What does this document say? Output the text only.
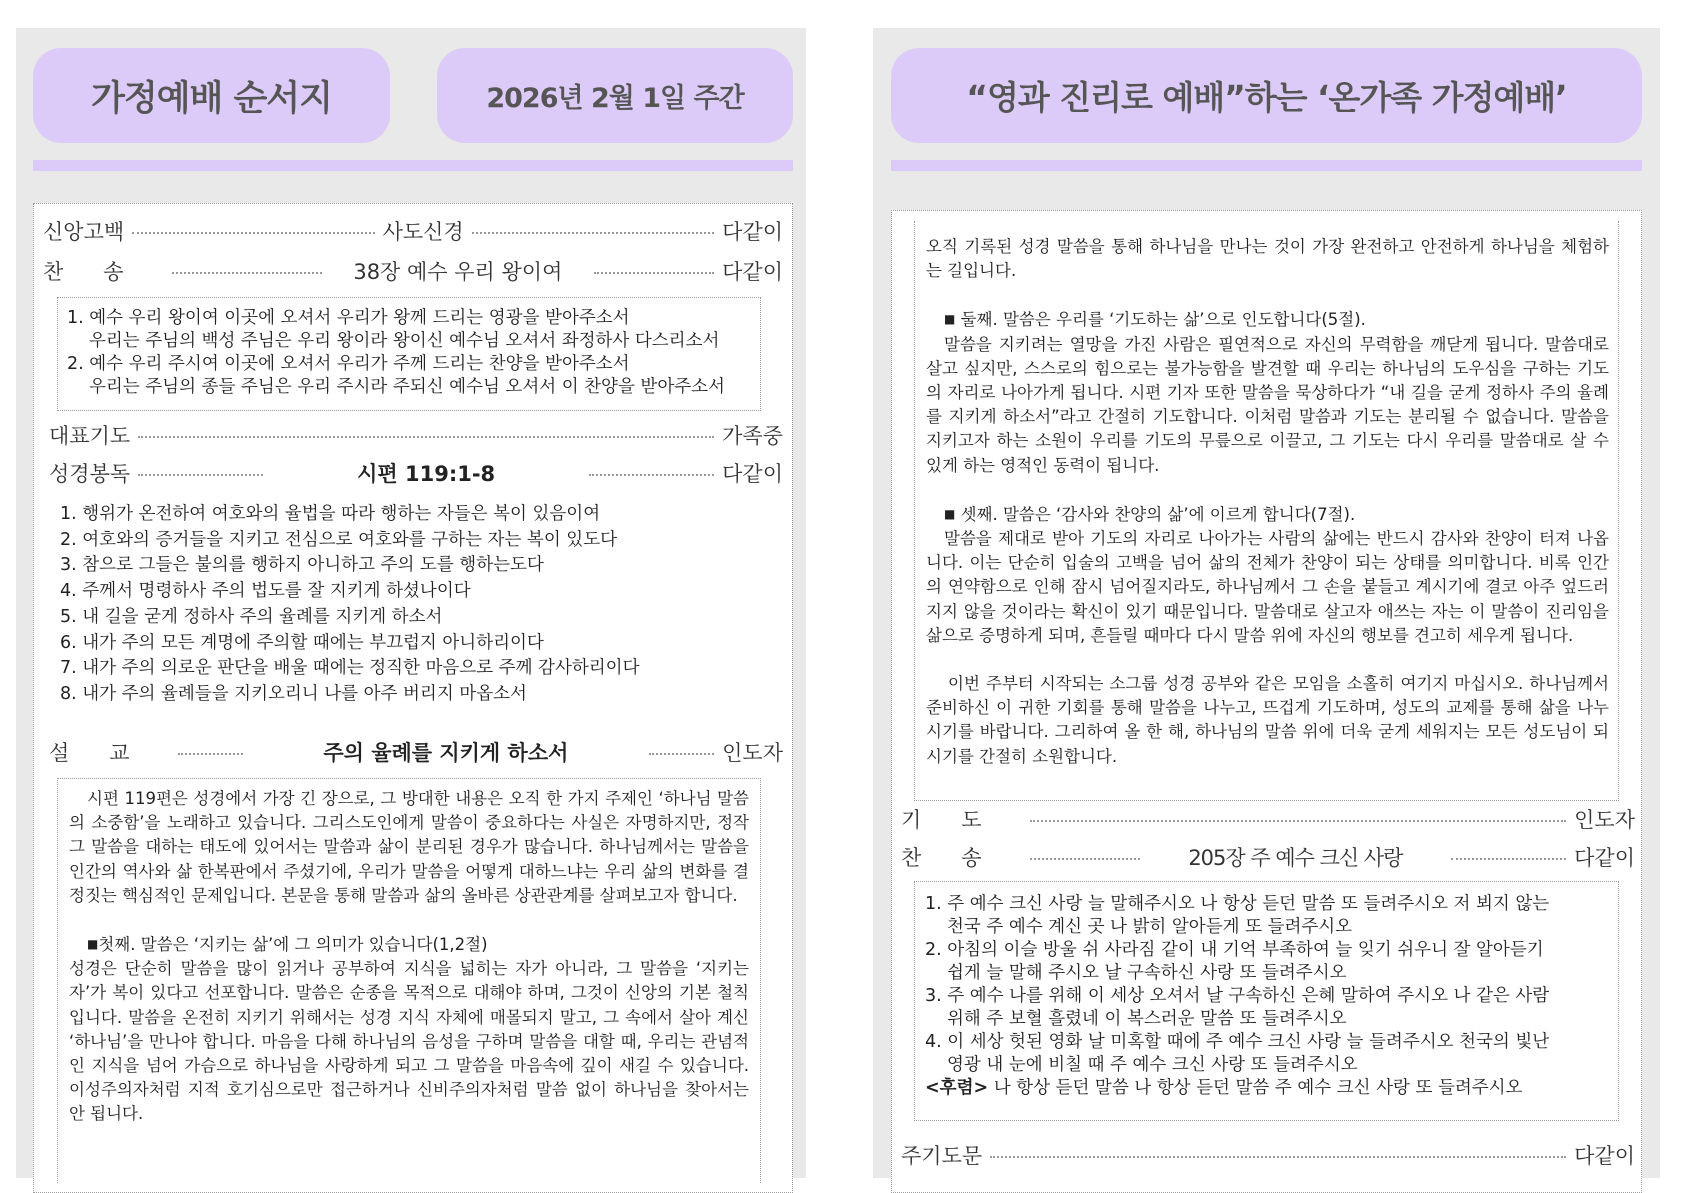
가정예배 순서지	2026년 2월 1일 주간
신앙고백	사도신경	다같이
찬송	38장 예수 우리 왕이여	다같이
1. 예수 우리 왕이여 이곳에 오셔서 우리가 왕께 드리는 영광을 받아주소서
우리는 주님의 백성 주님은 우리 왕이라 왕이신 예수님 오셔서 좌정하사 다스리소서
2. 예수 우리 주시여 이곳에 오셔서 우리가 주께 드리는 찬양을 받아주소서
우리는 주님의 종들 주님은 우리 주시라 주되신 예수님 오셔서 이 찬양을 받아주소서
대표기도	가족중
성경봉독	시편 119:1-8	다같이
1. 행위가 온전하여 여호와의 율법을 따라 행하는 자들은 복이 있음이여
2. 여호와의 증거들을 지키고 전심으로 여호와를 구하는 자는 복이 있도다
3. 참으로 그들은 불의를 행하지 아니하고 주의 도를 행하는도다
4. 주께서 명령하사 주의 법도를 잘 지키게 하셨나이다
5. 내 길을 굳게 정하사 주의 율례를 지키게 하소서
6. 내가 주의 모든 계명에 주의할 때에는 부끄럽지 아니하리이다
7. 내가 주의 의로운 판단을 배울 때에는 정직한 마음으로 주께 감사하리이다
8. 내가 주의 율례들을 지키오리니 나를 아주 버리지 마옵소서
설교	주의 율례를 지키게 하소서	인도자

시편 119편은 성경에서 가장 긴 장으로, 그 방대한 내용은 오직 한 가지 주제인 ‘하나님 말씀의 소중함’을 노래하고 있습니다. 그리스도인에게 말씀이 중요하다는 사실은 자명하지만, 정작 그 말씀을 대하는 태도에 있어서는 말씀과 삶이 분리된 경우가 많습니다. 하나님께서는 말씀을 인간의 역사와 삶 한복판에서 주셨기에, 우리가 말씀을 어떻게 대하느냐는 우리 삶의 변화를 결정짓는 핵심적인 문제입니다. 본문을 통해 말씀과 삶의 올바른 상관관계를 살펴보고자 합니다.

■첫째. 말씀은 ‘지키는 삶’에 그 의미가 있습니다(1,2절)

성경은 단순히 말씀을 많이 읽거나 공부하여 지식을 넓히는 자가 아니라, 그 말씀을 ‘지키는 자’가 복이 있다고 선포합니다. 말씀은 순종을 목적으로 대해야 하며, 그것이 신앙의 기본 철칙입니다. 말씀을 온전히 지키기 위해서는 성경 지식 자체에 매몰되지 말고, 그 속에서 살아 계신 ‘하나님’을 만나야 합니다. 마음을 다해 하나님의 음성을 구하며 말씀을 대할 때, 우리는 관념적인 지식을 넘어 가슴으로 하나님을 사랑하게 되고 그 말씀을 마음속에 깊이 새길 수 있습니다. 이성주의자처럼 지적 호기심으로만 접근하거나 신비주의자처럼 말씀 없이 하나님을 찾아서는 안 됩니다.

“영과 진리로 예배”하는 ‘온가족 가정예배’

오직 기록된 성경 말씀을 통해 하나님을 만나는 것이 가장 완전하고 안전하게 하나님을 체험하는 길입니다.

■ 둘째. 말씀은 우리를 ‘기도하는 삶’으로 인도합니다(5절).

말씀을 지키려는 열망을 가진 사람은 필연적으로 자신의 무력함을 깨닫게 됩니다. 말씀대로 살고 싶지만, 스스로의 힘으로는 불가능함을 발견할 때 우리는 하나님의 도우심을 구하는 기도의 자리로 나아가게 됩니다. 시편 기자 또한 말씀을 묵상하다가 “내 길을 굳게 정하사 주의 율례를 지키게 하소서”라고 간절히 기도합니다. 이처럼 말씀과 기도는 분리될 수 없습니다. 말씀을 지키고자 하는 소원이 우리를 기도의 무릎으로 이끌고, 그 기도는 다시 우리를 말씀대로 살 수 있게 하는 영적인 동력이 됩니다.

■ 셋째. 말씀은 ‘감사와 찬양의 삶’에 이르게 합니다(7절).

말씀을 제대로 받아 기도의 자리로 나아가는 사람의 삶에는 반드시 감사와 찬양이 터져 나옵니다. 이는 단순히 입술의 고백을 넘어 삶의 전체가 찬양이 되는 상태를 의미합니다. 비록 인간의 연약함으로 인해 잠시 넘어질지라도, 하나님께서 그 손을 붙들고 계시기에 결코 아주 엎드러지지 않을 것이라는 확신이 있기 때문입니다. 말씀대로 살고자 애쓰는 자는 이 말씀이 진리임을 삶으로 증명하게 되며, 흔들릴 때마다 다시 말씀 위에 자신의 행보를 견고히 세우게 됩니다.

이번 주부터 시작되는 소그룹 성경 공부와 같은 모임을 소홀히 여기지 마십시오. 하나님께서 준비하신 이 귀한 기회를 통해 말씀을 나누고, 뜨겁게 기도하며, 성도의 교제를 통해 삶을 나누시기를 바랍니다. 그리하여 올 한 해, 하나님의 말씀 위에 더욱 굳게 세워지는 모든 성도님이 되시기를 간절히 소원합니다.

기도	인도자
찬송	205장 주 예수 크신 사랑	다같이
1. 주 예수 크신 사랑 늘 말해주시오 나 항상 듣던 말씀 또 들려주시오 저 뵈지 않는
천국 주 예수 계신 곳 나 밝히 알아듣게 또 들려주시오
2. 아침의 이슬 방울 쉬 사라짐 같이 내 기억 부족하여 늘 잊기 쉬우니 잘 알아듣기
쉽게 늘 말해 주시오 날 구속하신 사랑 또 들려주시오
3. 주 예수 나를 위해 이 세상 오셔서 날 구속하신 은혜 말하여 주시오 나 같은 사람
위해 주 보혈 흘렸네 이 복스러운 말씀 또 들려주시오
4. 이 세상 헛된 영화 날 미혹할 때에 주 예수 크신 사랑 늘 들려주시오 천국의 빛난
영광 내 눈에 비칠 때 주 예수 크신 사랑 또 들려주시오
<후렴> 나 항상 듣던 말씀 나 항상 듣던 말씀 주 예수 크신 사랑 또 들려주시오
주기도문	다같이
